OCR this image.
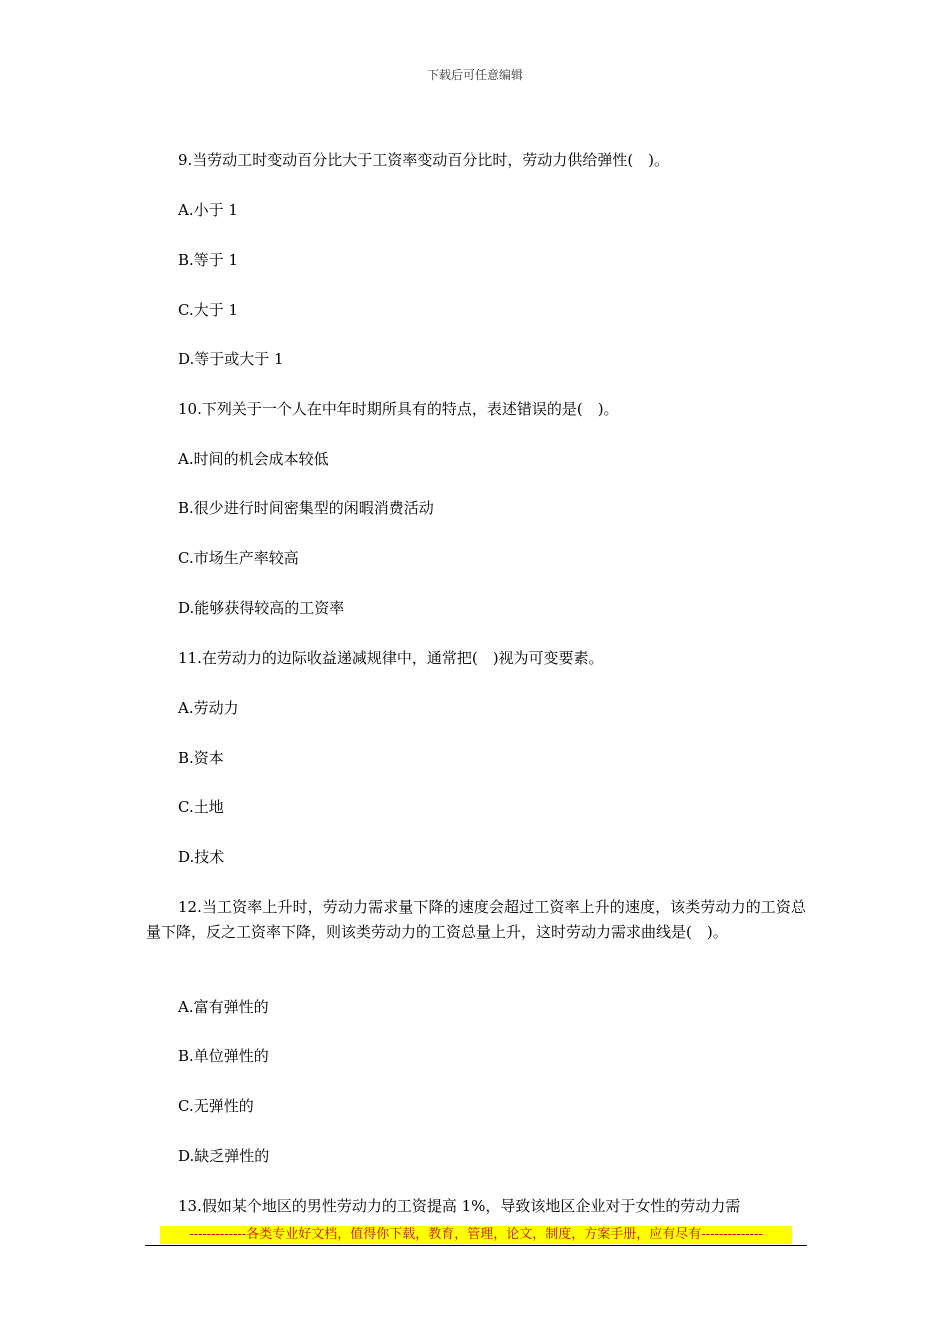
下载后可任意编辑
9.当劳动工时变动百分比大于工资率变动百分比时，劳动力供给弹性(　)。
A.小于 1
B.等于 1
C.大于 1
D.等于或大于 1
10.下列关于一个人在中年时期所具有的特点，表述错误的是(　)。
A.时间的机会成本较低
B.很少进行时间密集型的闲暇消费活动
C.市场生产率较高
D.能够获得较高的工资率
11.在劳动力的边际收益递减规律中，通常把(　)视为可变要素。
A.劳动力
B.资本
C.土地
D.技术
12.当工资率上升时，劳动力需求量下降的速度会超过工资率上升的速度，该类劳动力的工资总量下降，反之工资率下降，则该类劳动力的工资总量上升，这时劳动力需求曲线是(　)。
A.富有弹性的
B.单位弹性的
C.无弹性的
D.缺乏弹性的
13.假如某个地区的男性劳动力的工资提高 1%，导致该地区企业对于女性的劳动力需
-------------各类专业好文档，值得你下载，教育，管理，论文，制度，方案手册，应有尽有--------------
